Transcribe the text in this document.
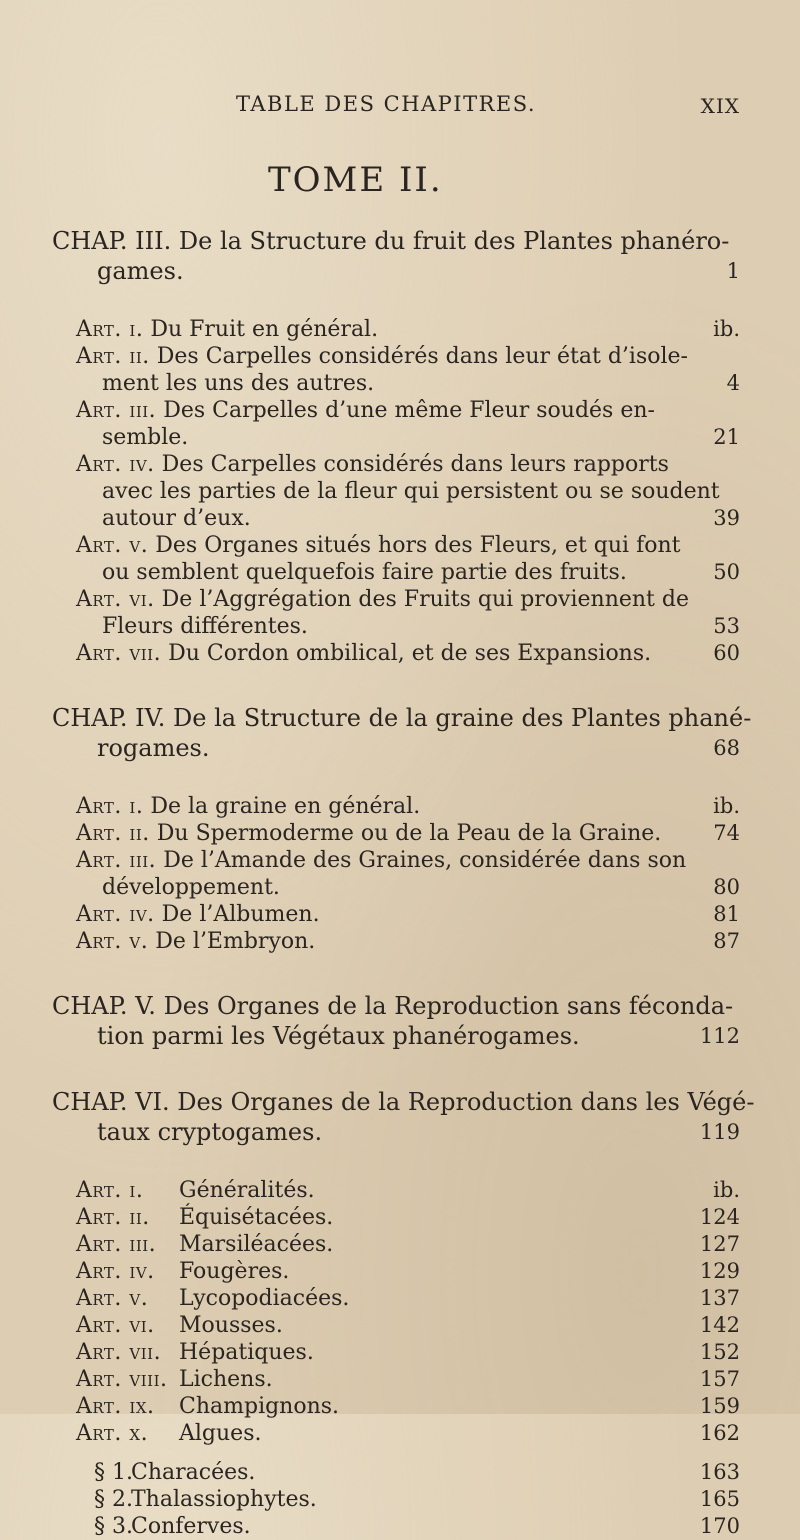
TABLE DES CHAPITRES.	XIX
TOME II.
CHAP. III. De la Structure du fruit des Plantes phanéro-
games.	1
Art. i. Du Fruit en général.	ib.
Art. ii. Des Carpelles considérés dans leur état d’isole-
ment les uns des autres.	4
Art. iii. Des Carpelles d’une même Fleur soudés en-
semble.	21
Art. iv. Des Carpelles considérés dans leurs rapports
avec les parties de la fleur qui persistent ou se soudent
autour d’eux.	39
Art. v. Des Organes situés hors des Fleurs, et qui font
ou semblent quelquefois faire partie des fruits.	50
Art. vi. De l’Aggrégation des Fruits qui proviennent de
Fleurs différentes.	53
Art. vii. Du Cordon ombilical, et de ses Expansions.	60
CHAP. IV. De la Structure de la graine des Plantes phané-
rogames.	68
Art. i. De la graine en général.	ib.
Art. ii. Du Spermoderme ou de la Peau de la Graine. 74
Art. iii. De l’Amande des Graines, considérée dans son
développement.	80
Art. iv. De l’Albumen.	81
Art. v. De l’Embryon.	87
CHAP. V. Des Organes de la Reproduction sans féconda-
tion parmi les Végétaux phanérogames.	112
CHAP. VI. Des Organes de la Reproduction dans les Végé-
taux cryptogames.	119
Art. i. Généralités.	ib.
Art. ii. Équisétacées.	124
Art. iii. Marsiléacées.	127
Art. iv. Fougères.	129
Art. v. Lycopodiacées.	137
Art. vi. Mousses.	142
Art. vii. Hépatiques.	152
Art. viii. Lichens.	157
Art. ix. Champignons.	159
Art. x. Algues.	162
§ 1. Characées.	163
§ 2. Thalassiophytes.	165
§ 3. Conferves.	170
